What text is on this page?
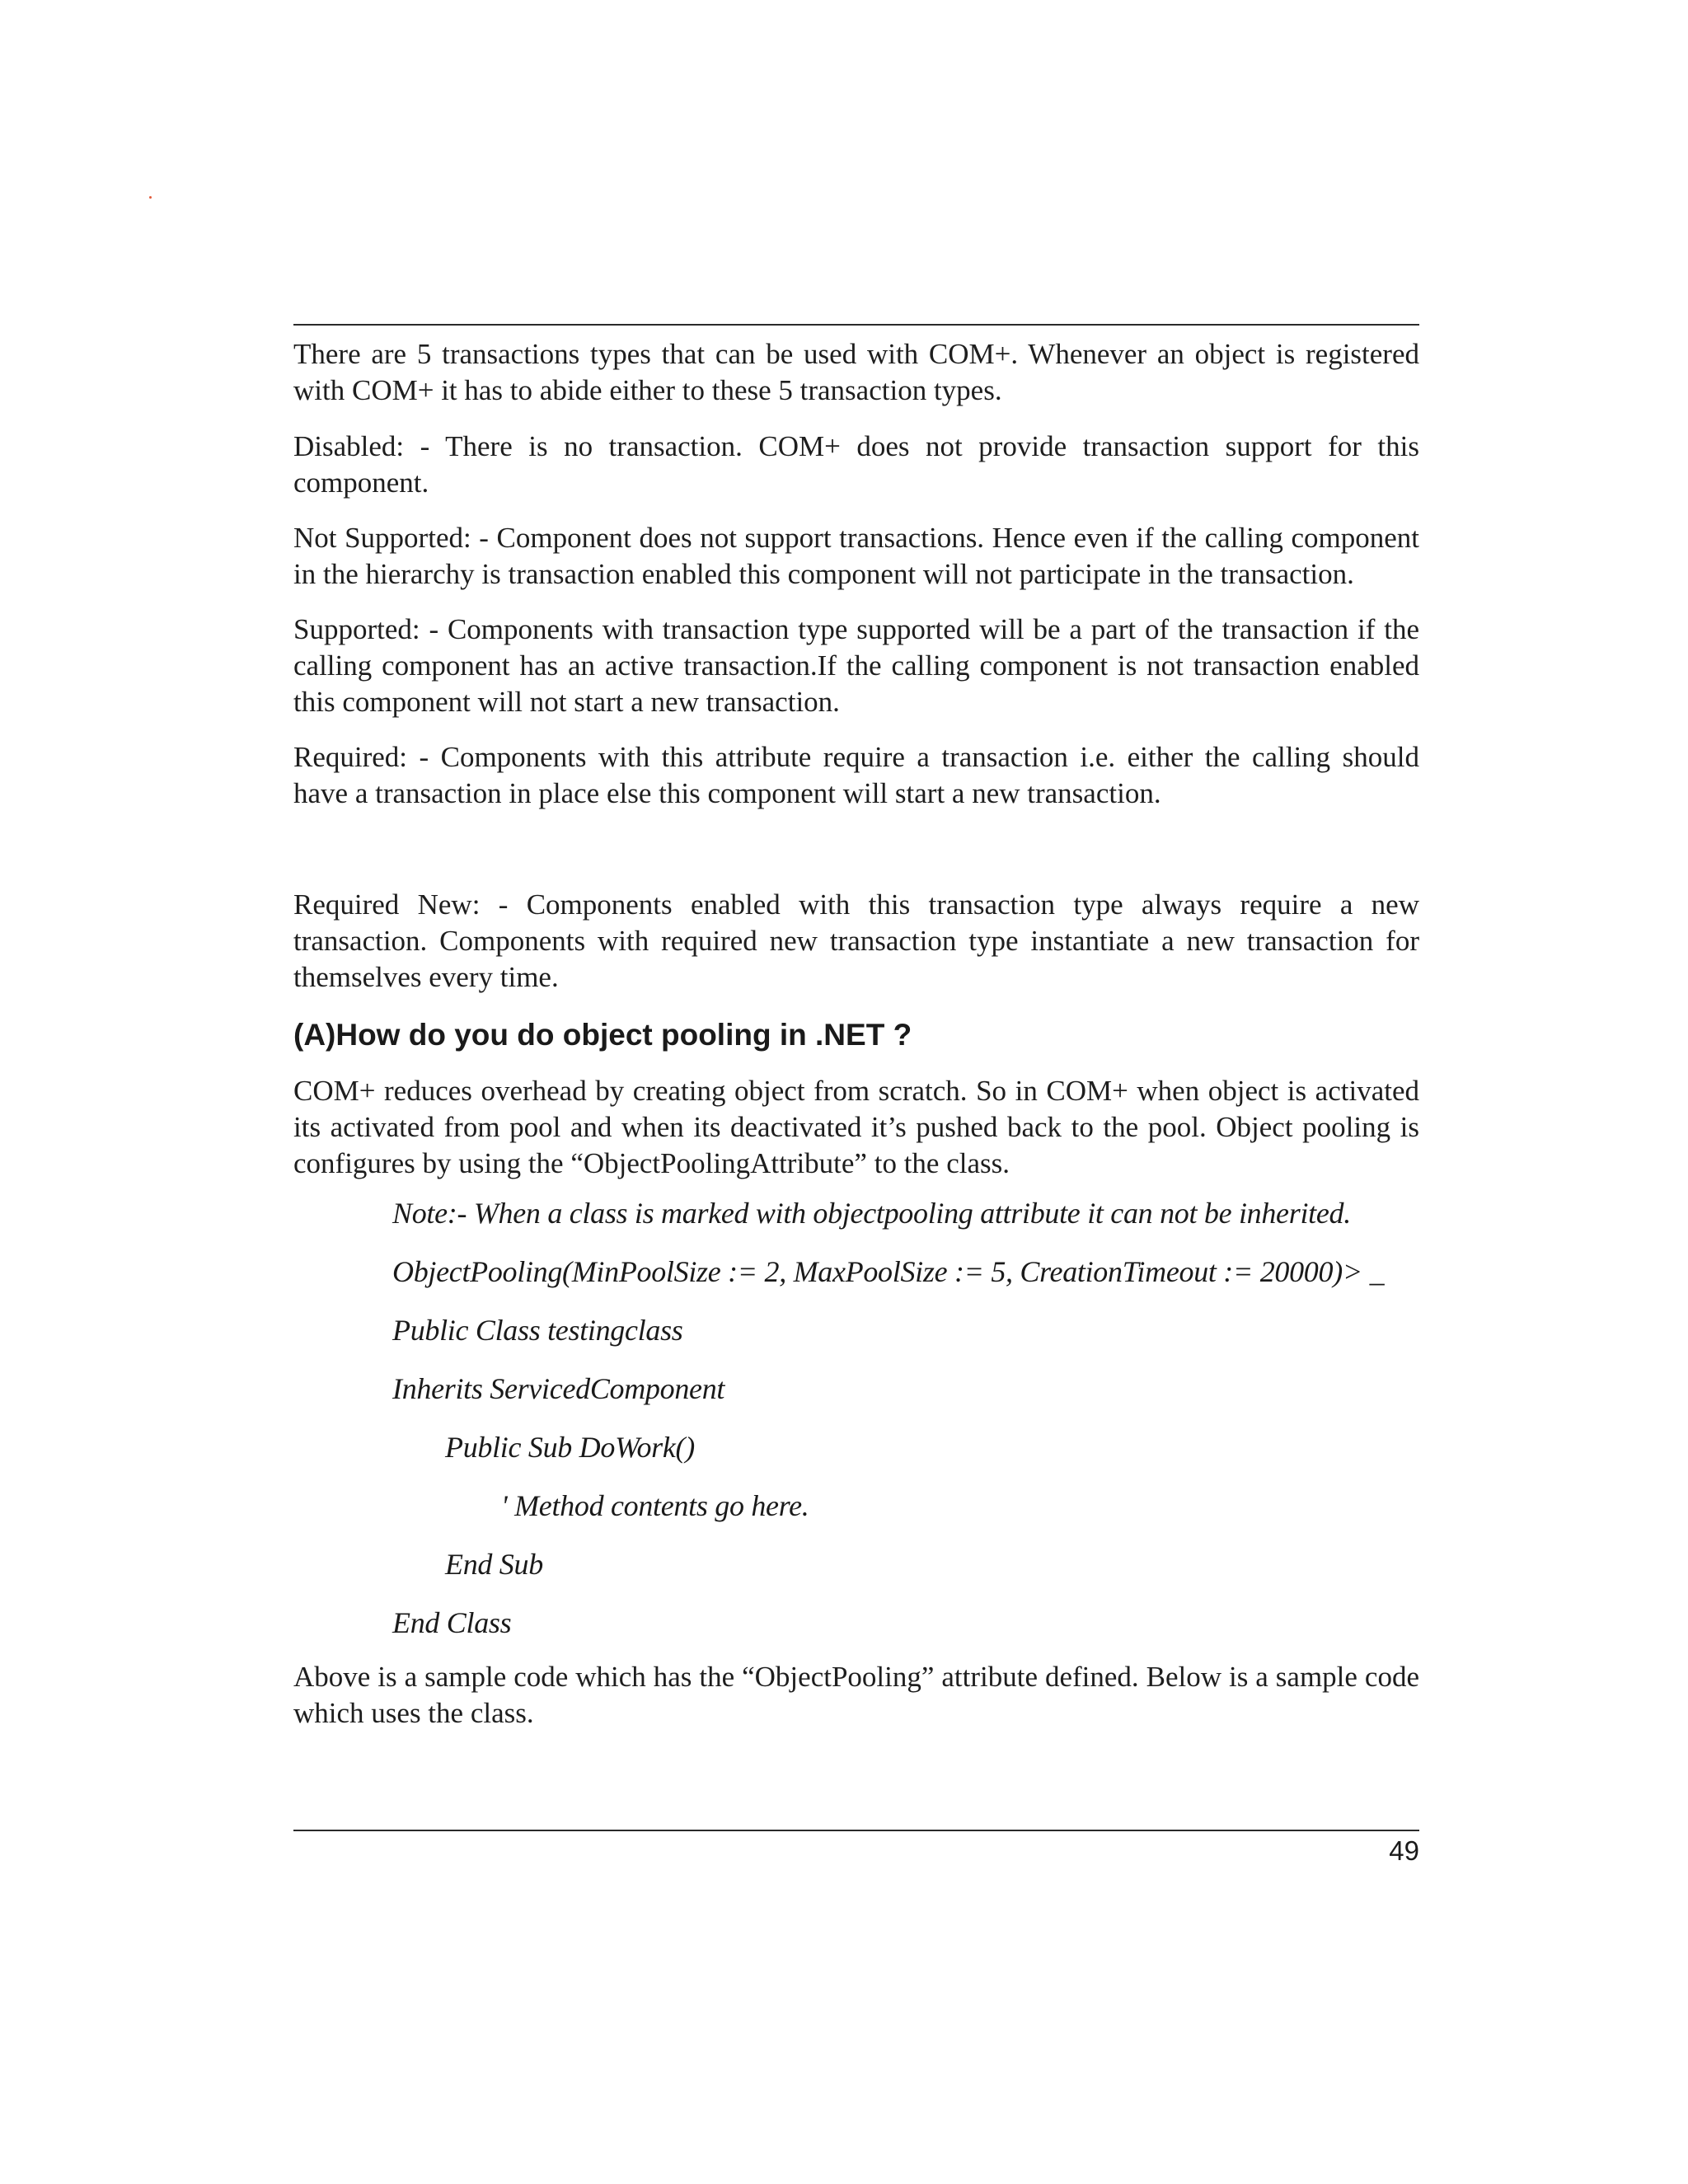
There are 5 transactions types that can be used with COM+. Whenever an object is registered with COM+ it has to abide either to these 5 transaction types.

Disabled: - There is no transaction. COM+ does not provide transaction support for this component.

Not Supported: - Component does not support transactions. Hence even if the calling component in the hierarchy is transaction enabled this component will not participate in the transaction.

Supported: - Components with transaction type supported will be a part of the transaction if the calling component has an active transaction.If the calling component is not transaction enabled this component will not start a new transaction.

Required: - Components with this attribute require a transaction i.e. either the calling should have a transaction in place else this component will start a new transaction.

Required New: - Components enabled with this transaction type always require a new transaction. Components with required new transaction type instantiate a new transaction for themselves every time.

(A)How do you do object pooling in .NET ?

COM+ reduces overhead by creating object from scratch. So in COM+ when object is activated its activated from pool and when its deactivated it’s pushed back to the pool. Object pooling is configures by using the “ObjectPoolingAttribute” to the class.

Note:- When a class is marked with objectpooling attribute it can not be inherited.

ObjectPooling(MinPoolSize := 2, MaxPoolSize := 5, CreationTimeout := 20000)> _

Public Class testingclass

Inherits ServicedComponent

Public Sub DoWork()

' Method contents go here.

End Sub

End Class

Above is a sample code which has the “ObjectPooling” attribute defined. Below is a sample code which uses the class.

49
